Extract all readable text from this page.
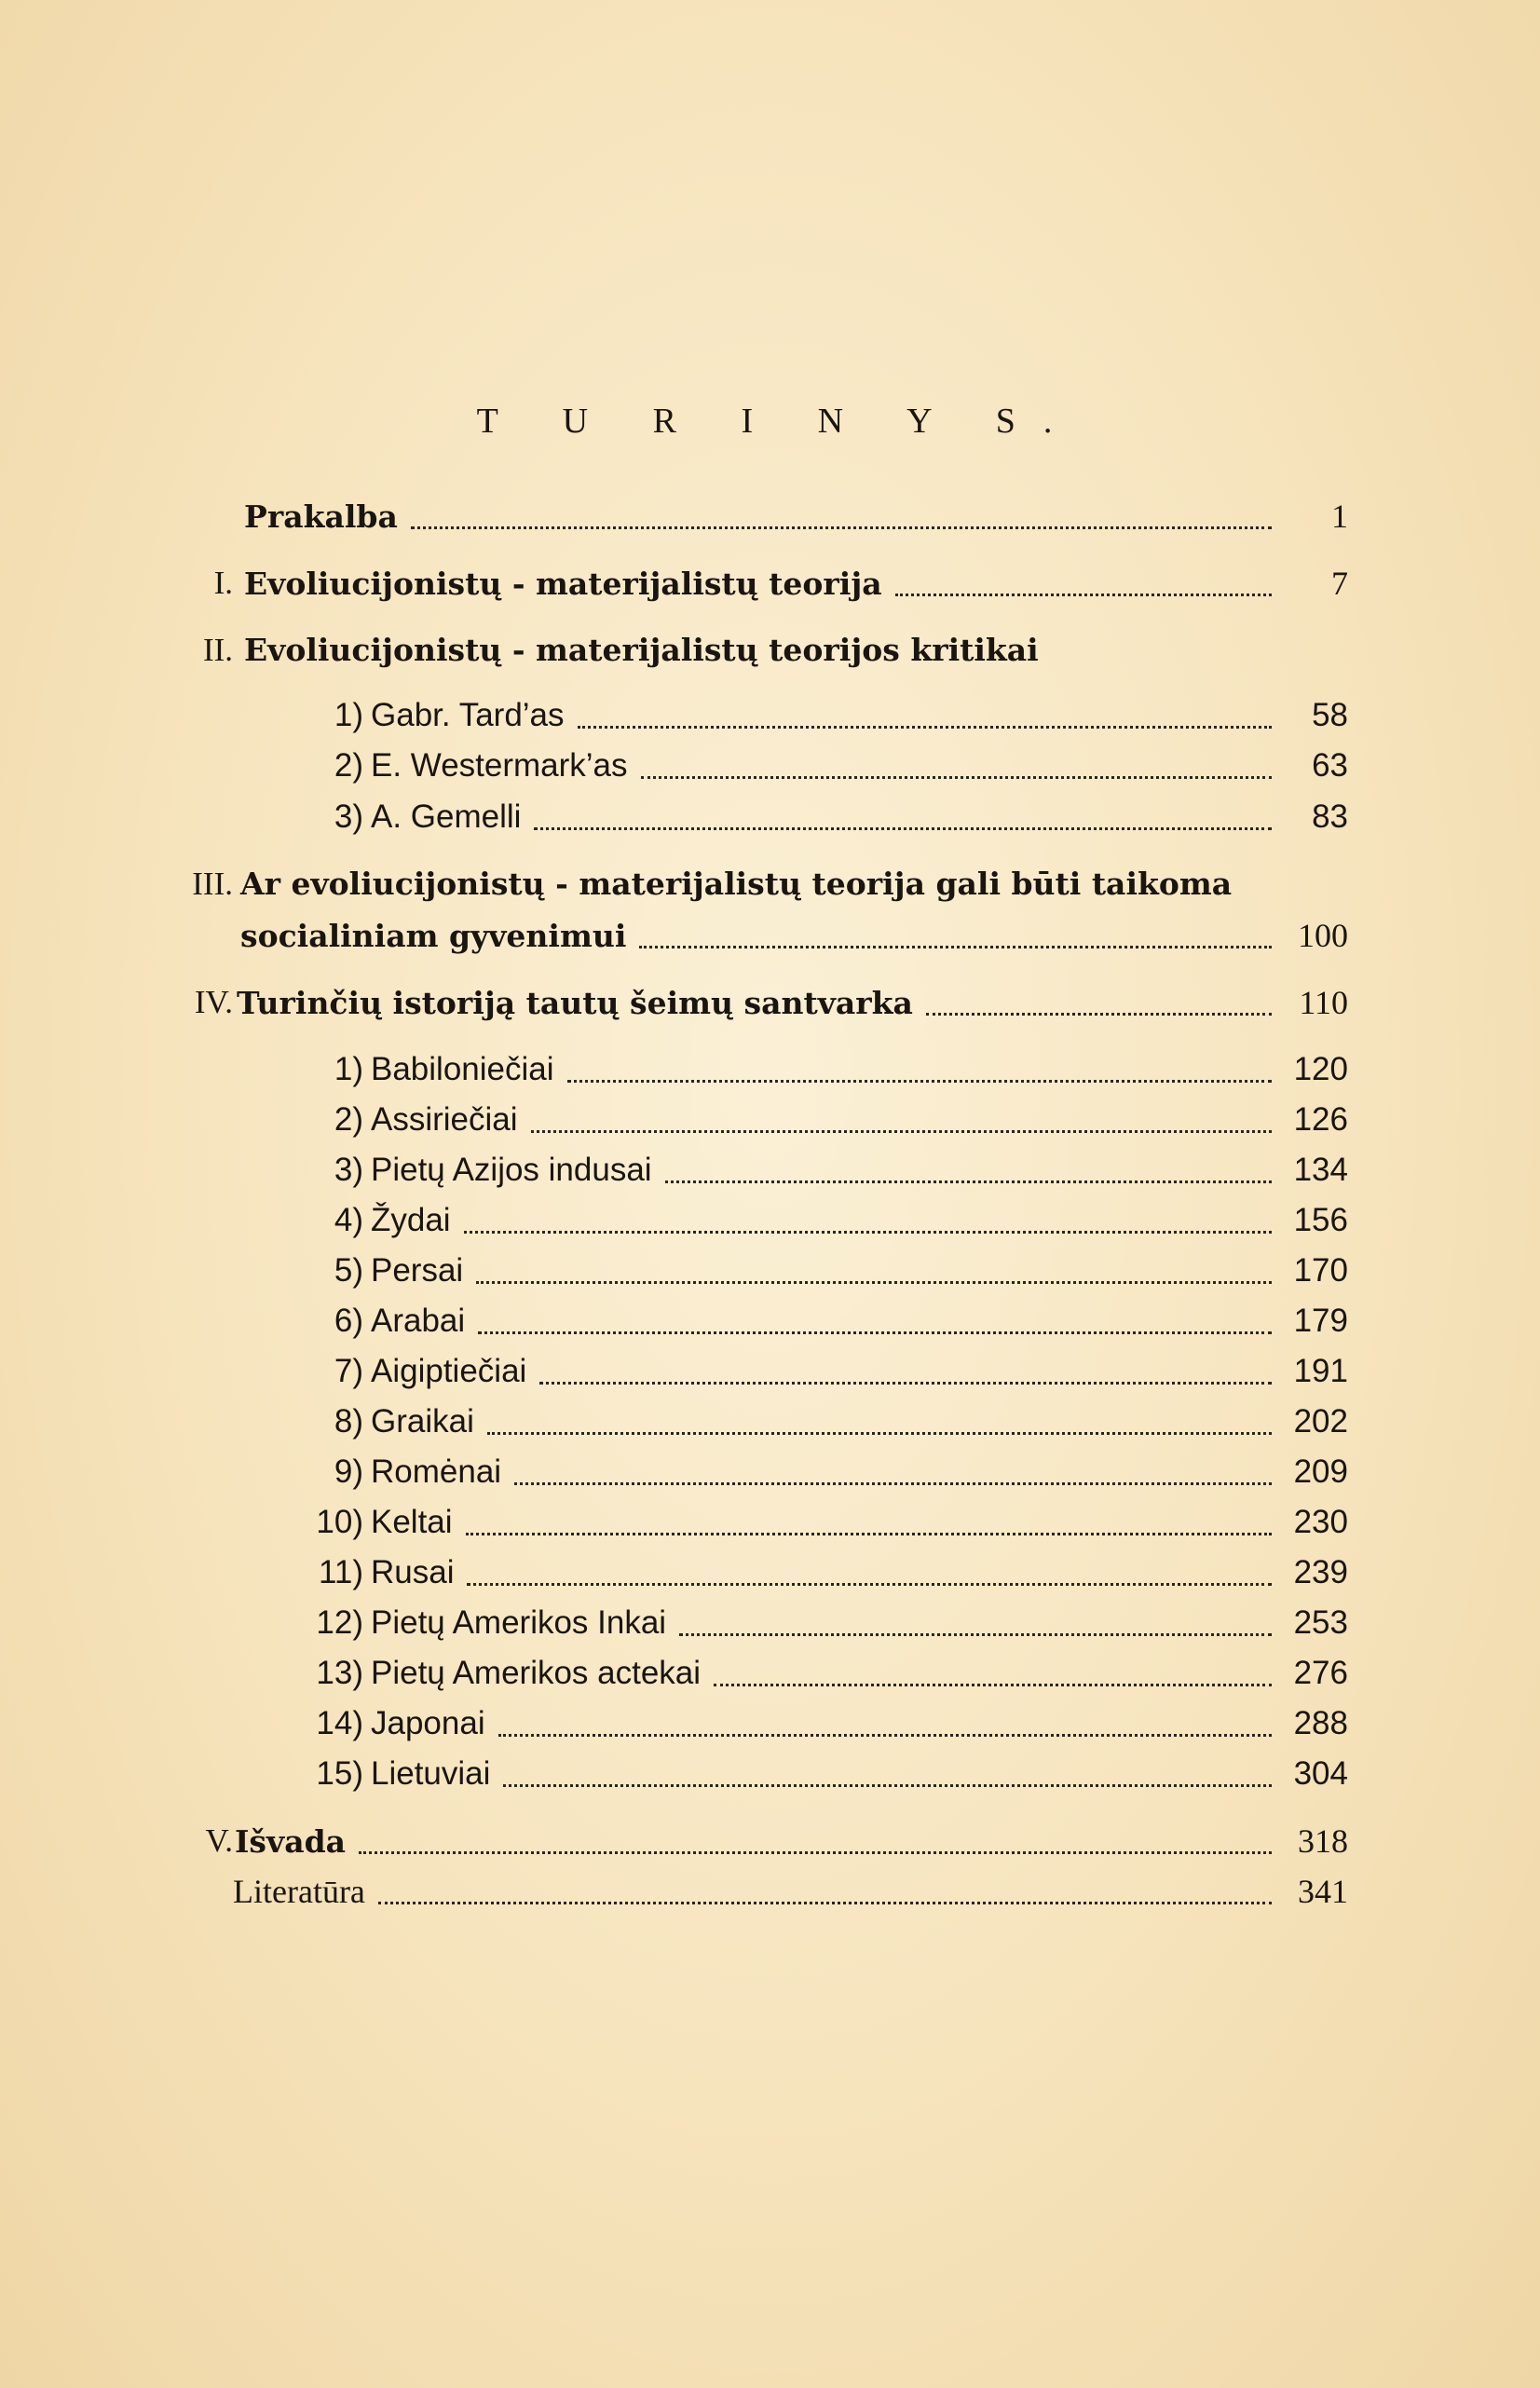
T U R I N Y S.
Prakalba	1
I. Evoliucijonistų - materijalistų teorija	7
II. Evoliucijonistų - materijalistų teorijos kritikai
1) Gabr. Tard’as	58
2) E. Westermark’as	63
3) A. Gemelli	83
III. Ar evoliucijonistų - materijalistų teorija gali būti taikoma
socialiniam gyvenimui	100
IV. Turinčių istoriją tautų šeimų santvarka	110
1) Babiloniečiai	120
2) Assiriečiai	126
3) Pietų Azijos indusai	134
4) Žydai	156
5) Persai	170
6) Arabai	179
7) Aigiptiečiai	191
8) Graikai	202
9) Romėnai	209
10) Keltai	230
11) Rusai	239
12) Pietų Amerikos Inkai	253
13) Pietų Amerikos actekai	276
14) Japonai	288
15) Lietuviai	304
V. Išvada	318
Literatūra	341
